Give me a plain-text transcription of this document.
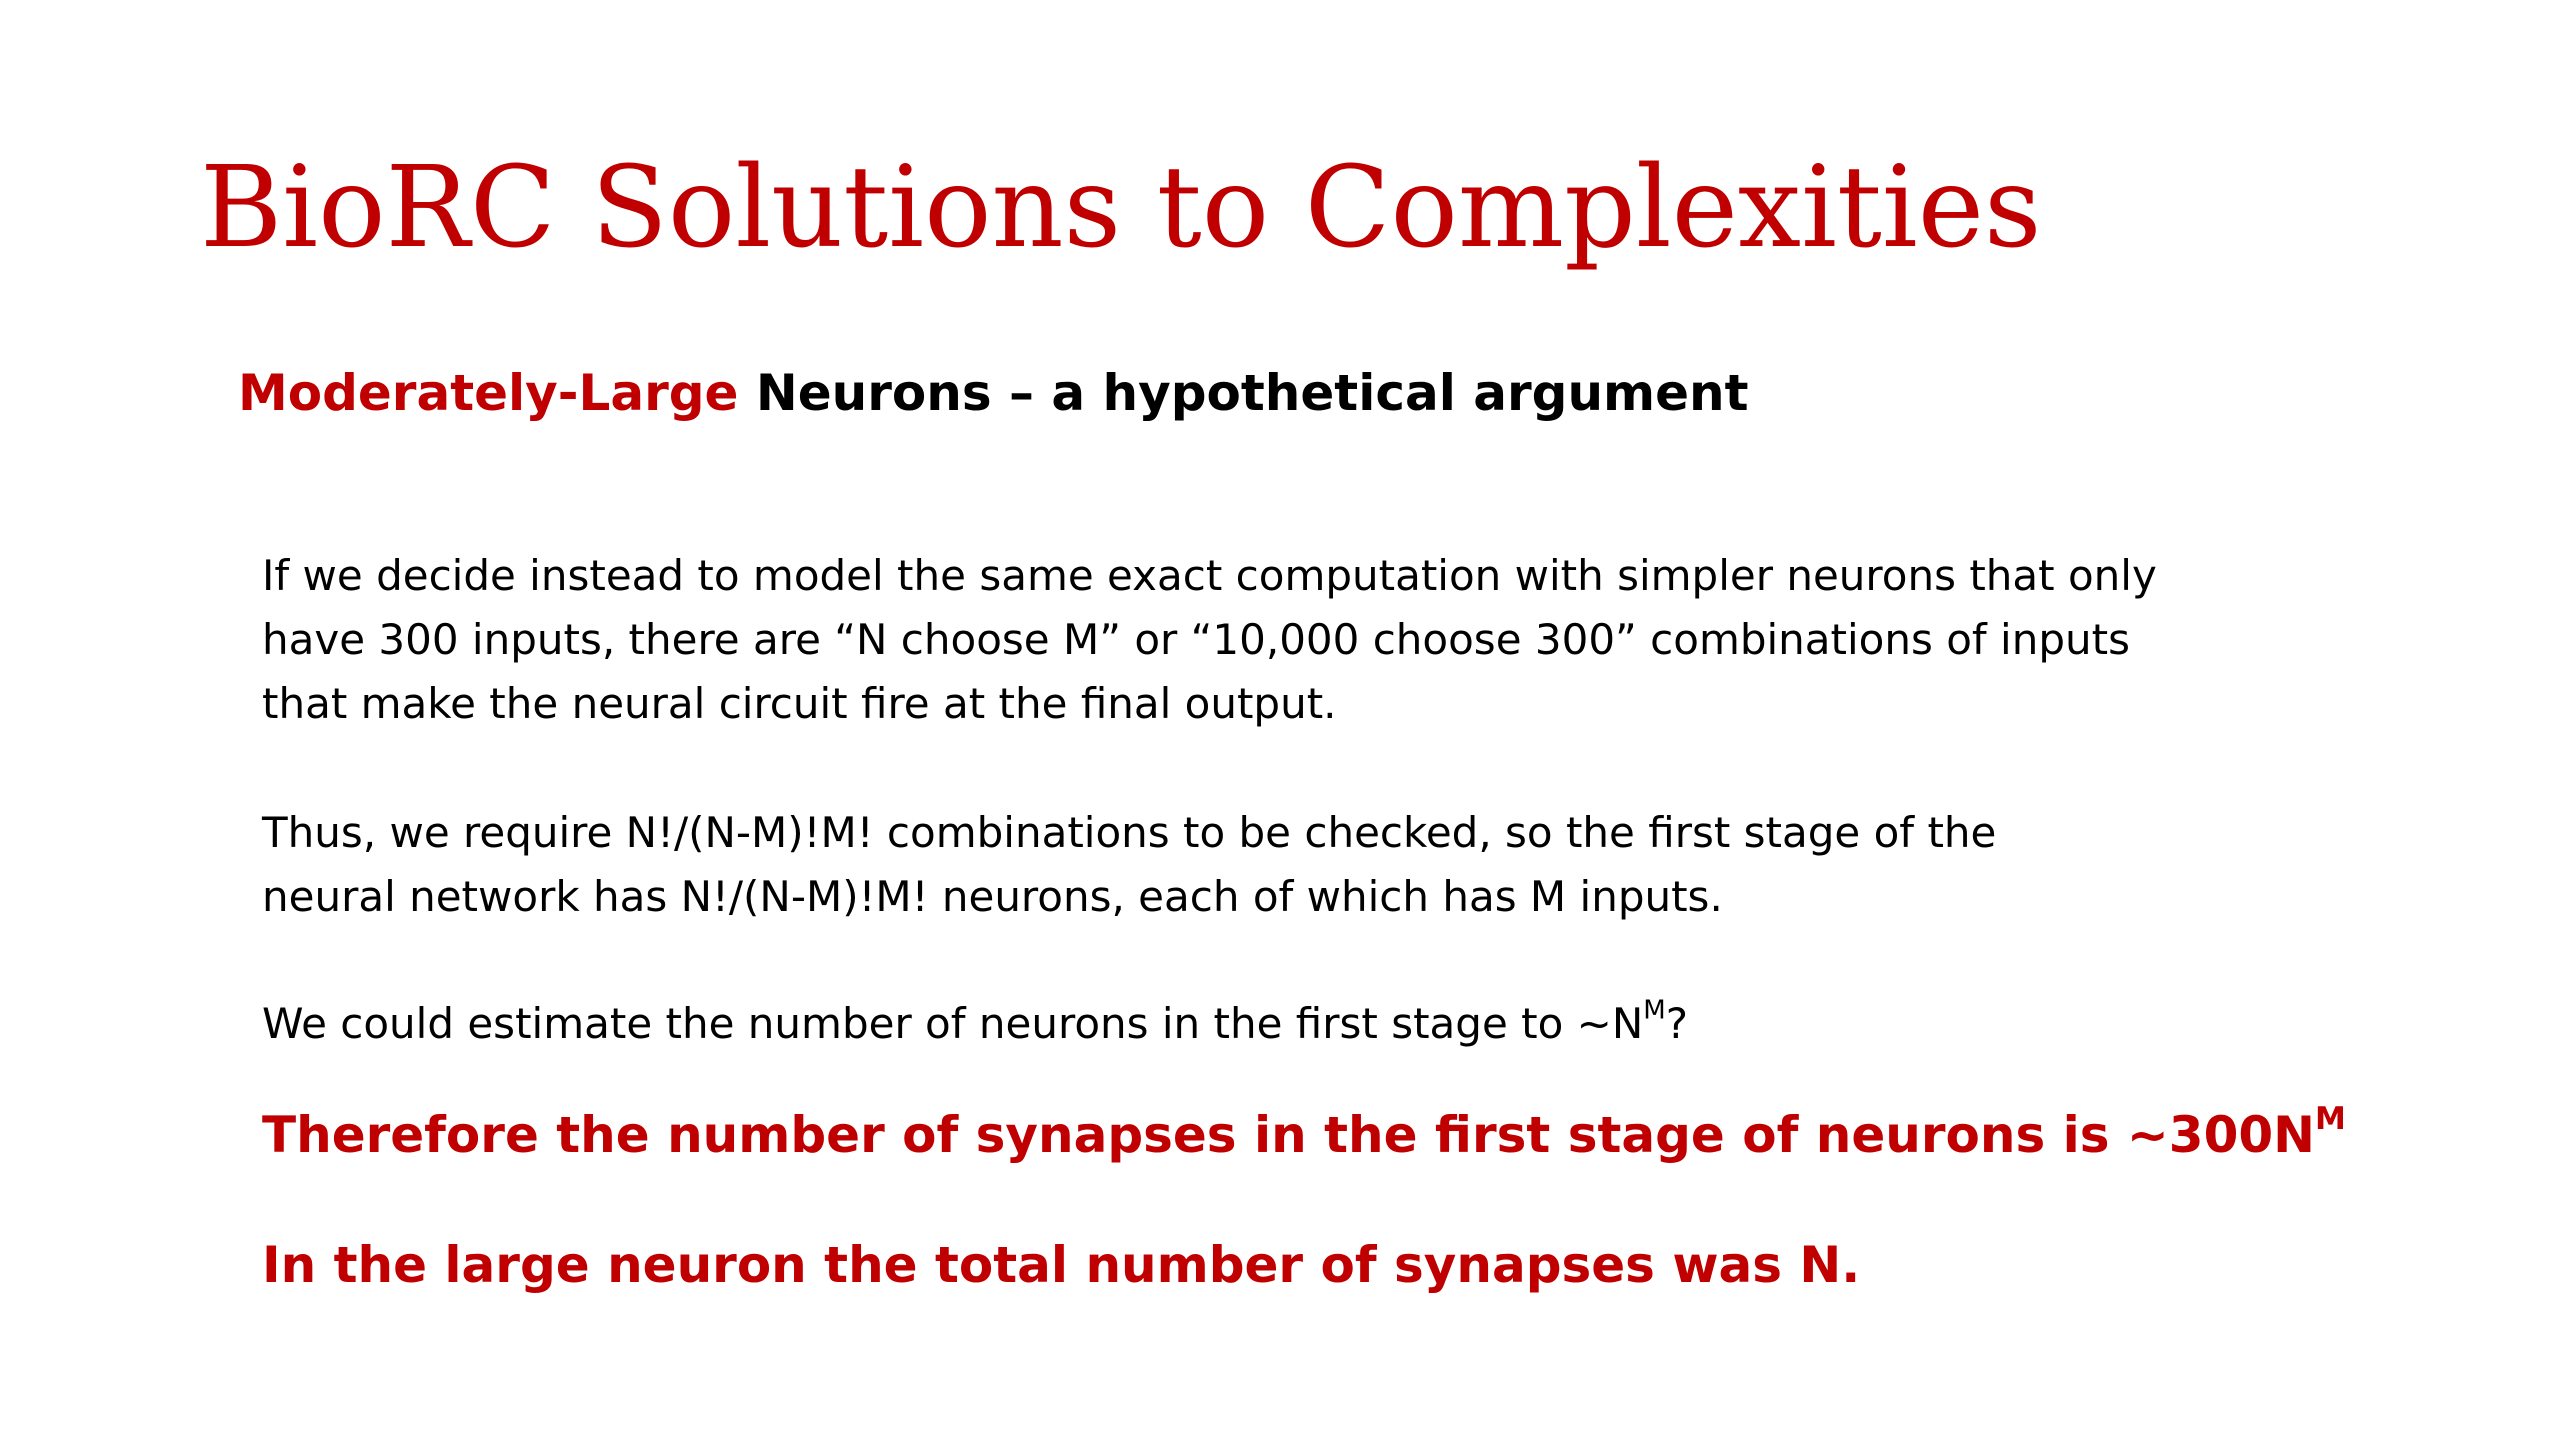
BioRC Solutions to Complexities
Moderately-Large Neurons – a hypothetical argument
If we decide instead to model the same exact computation with simpler neurons that only
have 300 inputs, there are “N choose M” or “10,000 choose 300” combinations of inputs
that make the neural circuit fire at the final output.
Thus, we require N!/(N-M)!M! combinations to be checked, so the first stage of the
neural network has N!/(N-M)!M! neurons, each of which has M inputs.
We could estimate the number of neurons in the first stage to $\sim N^M$?
Therefore the number of synapses in the first stage of neurons is $\sim 300N^M$
In the large neuron the total number of synapses was N.
